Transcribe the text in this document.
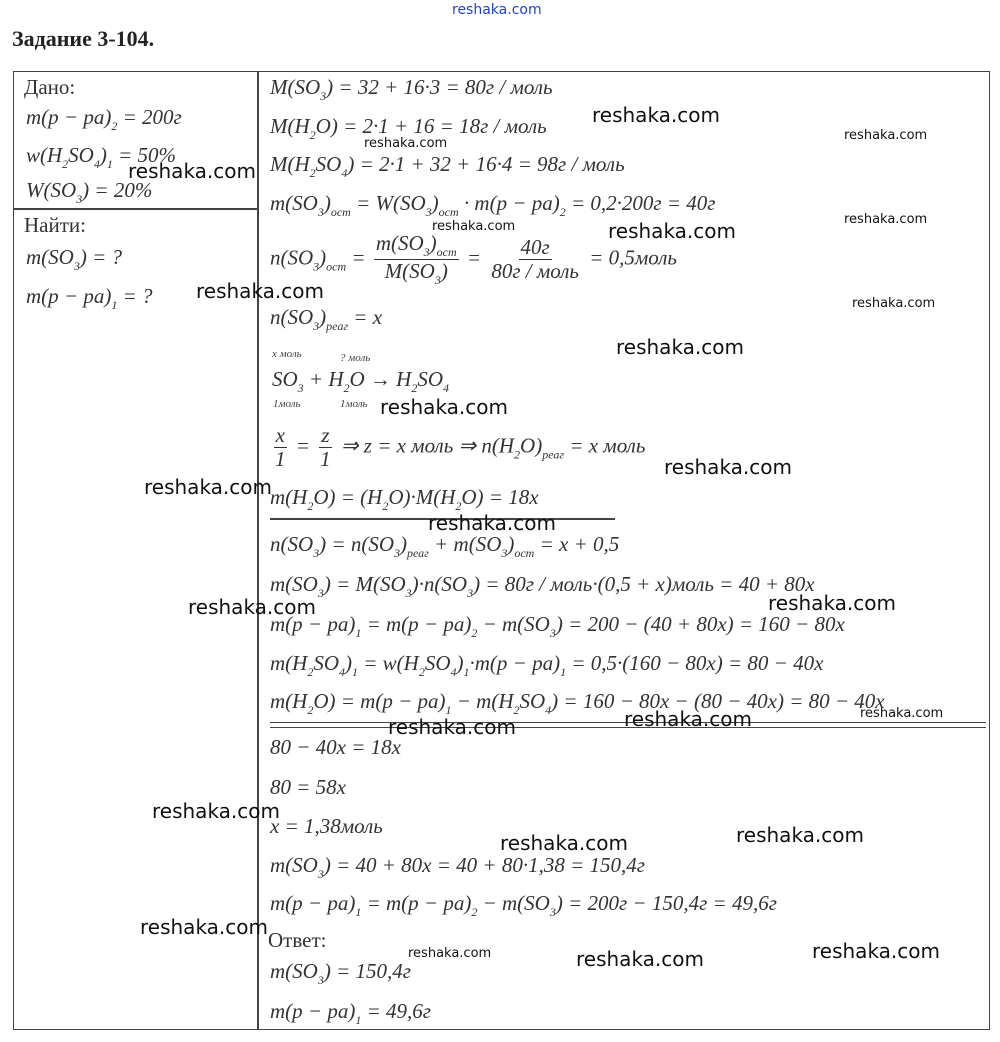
reshaka.com
Задание 3-104.
Дано:
Найти:
Ответ:
x моль	? моль
1моль	1моль
$m(p - pa)_2 = 200г$
$w(H_2SO_4)_1 = 50\%$
$W(SO_3) = 20\%$
$m(SO_3)$ = ?
$m(p - pa)_1$ = ?
$M(SO_3) = 32 + 16\cdot 3 = 80г$ / моль
$M(H_2O) = 2\cdot 1 + 16 = 18г$ / моль
$M(H_2SO_4) = 2\cdot 1 + 32 + 16\cdot 4 = 98г$ / моль
$m(SO_3)_{ост} = W(SO_3)_{ост} \cdot m(p - pa)_2 = 0,2\cdot 200г = 40г$
$n(SO_3)_{ост} = \frac{m(SO_3)_{ост}}{M(SO_3)} = \frac{40г}{\text{80г / моль}}$ = 0,5моль
$n(SO_3)_{реаг} = x$
$\frac{x}{1} = \frac{z}{1}$ ⇒ z = x моль ⇒ $n(H_2O)_{реаг} = x$ моль
$m(H_2O) = (H_2O)\cdot M(H_2O) = 18x$
$n(SO_3) = n(SO_3)_{реаг} + m(SO_3)_{ост} = x + 0,5$
$m(SO_3) = M(SO_3)\cdot n(SO_3) = 80г$ / моль·(0,5 + x)моль = 40 + 80x
$m(p - pa)_1 = m(p - pa)_2 - m(SO_3) = 200 - (40 + 80x) = 160 - 80x$
$m(H_2SO_4)_1 = w(H_2SO_4)_1\cdot m(p - pa)_1 = 0,5\cdot(160 - 80x) = 80 - 40x$
$m(H_2O) = m(p - pa)_1 - m(H_2SO_4) = 160 - 80x - (80 - 40x) = 80 - 40x$
80 − 40x = 18x
80 = 58x
x = 1,38моль
$m(SO_3) = 40 + 80x = 40 + 80\cdot 1,38 = 150,4г$
$m(p - pa)_1 = m(p - pa)_2 - m(SO_3) = 200г - 150,4г = 49,6г$
$SO_3 + H_2O \to H_2SO_4$
$m(SO_3) = 150,4г$
$m(p - pa)_1 = 49,6г$
reshaka.com
reshaka.com
reshaka.com
reshaka.com
reshaka.com
reshaka.com
reshaka.com
reshaka.com
reshaka.com
reshaka.com	reshaka.com
reshaka.com	reshaka.com
reshaka.com
reshaka.com	reshaka.com
reshaka.com
reshaka.com	reshaka.com
reshaka.com
reshaka.com
reshaka.com
reshaka.com
reshaka.com
reshaka.com
reshaka.com
